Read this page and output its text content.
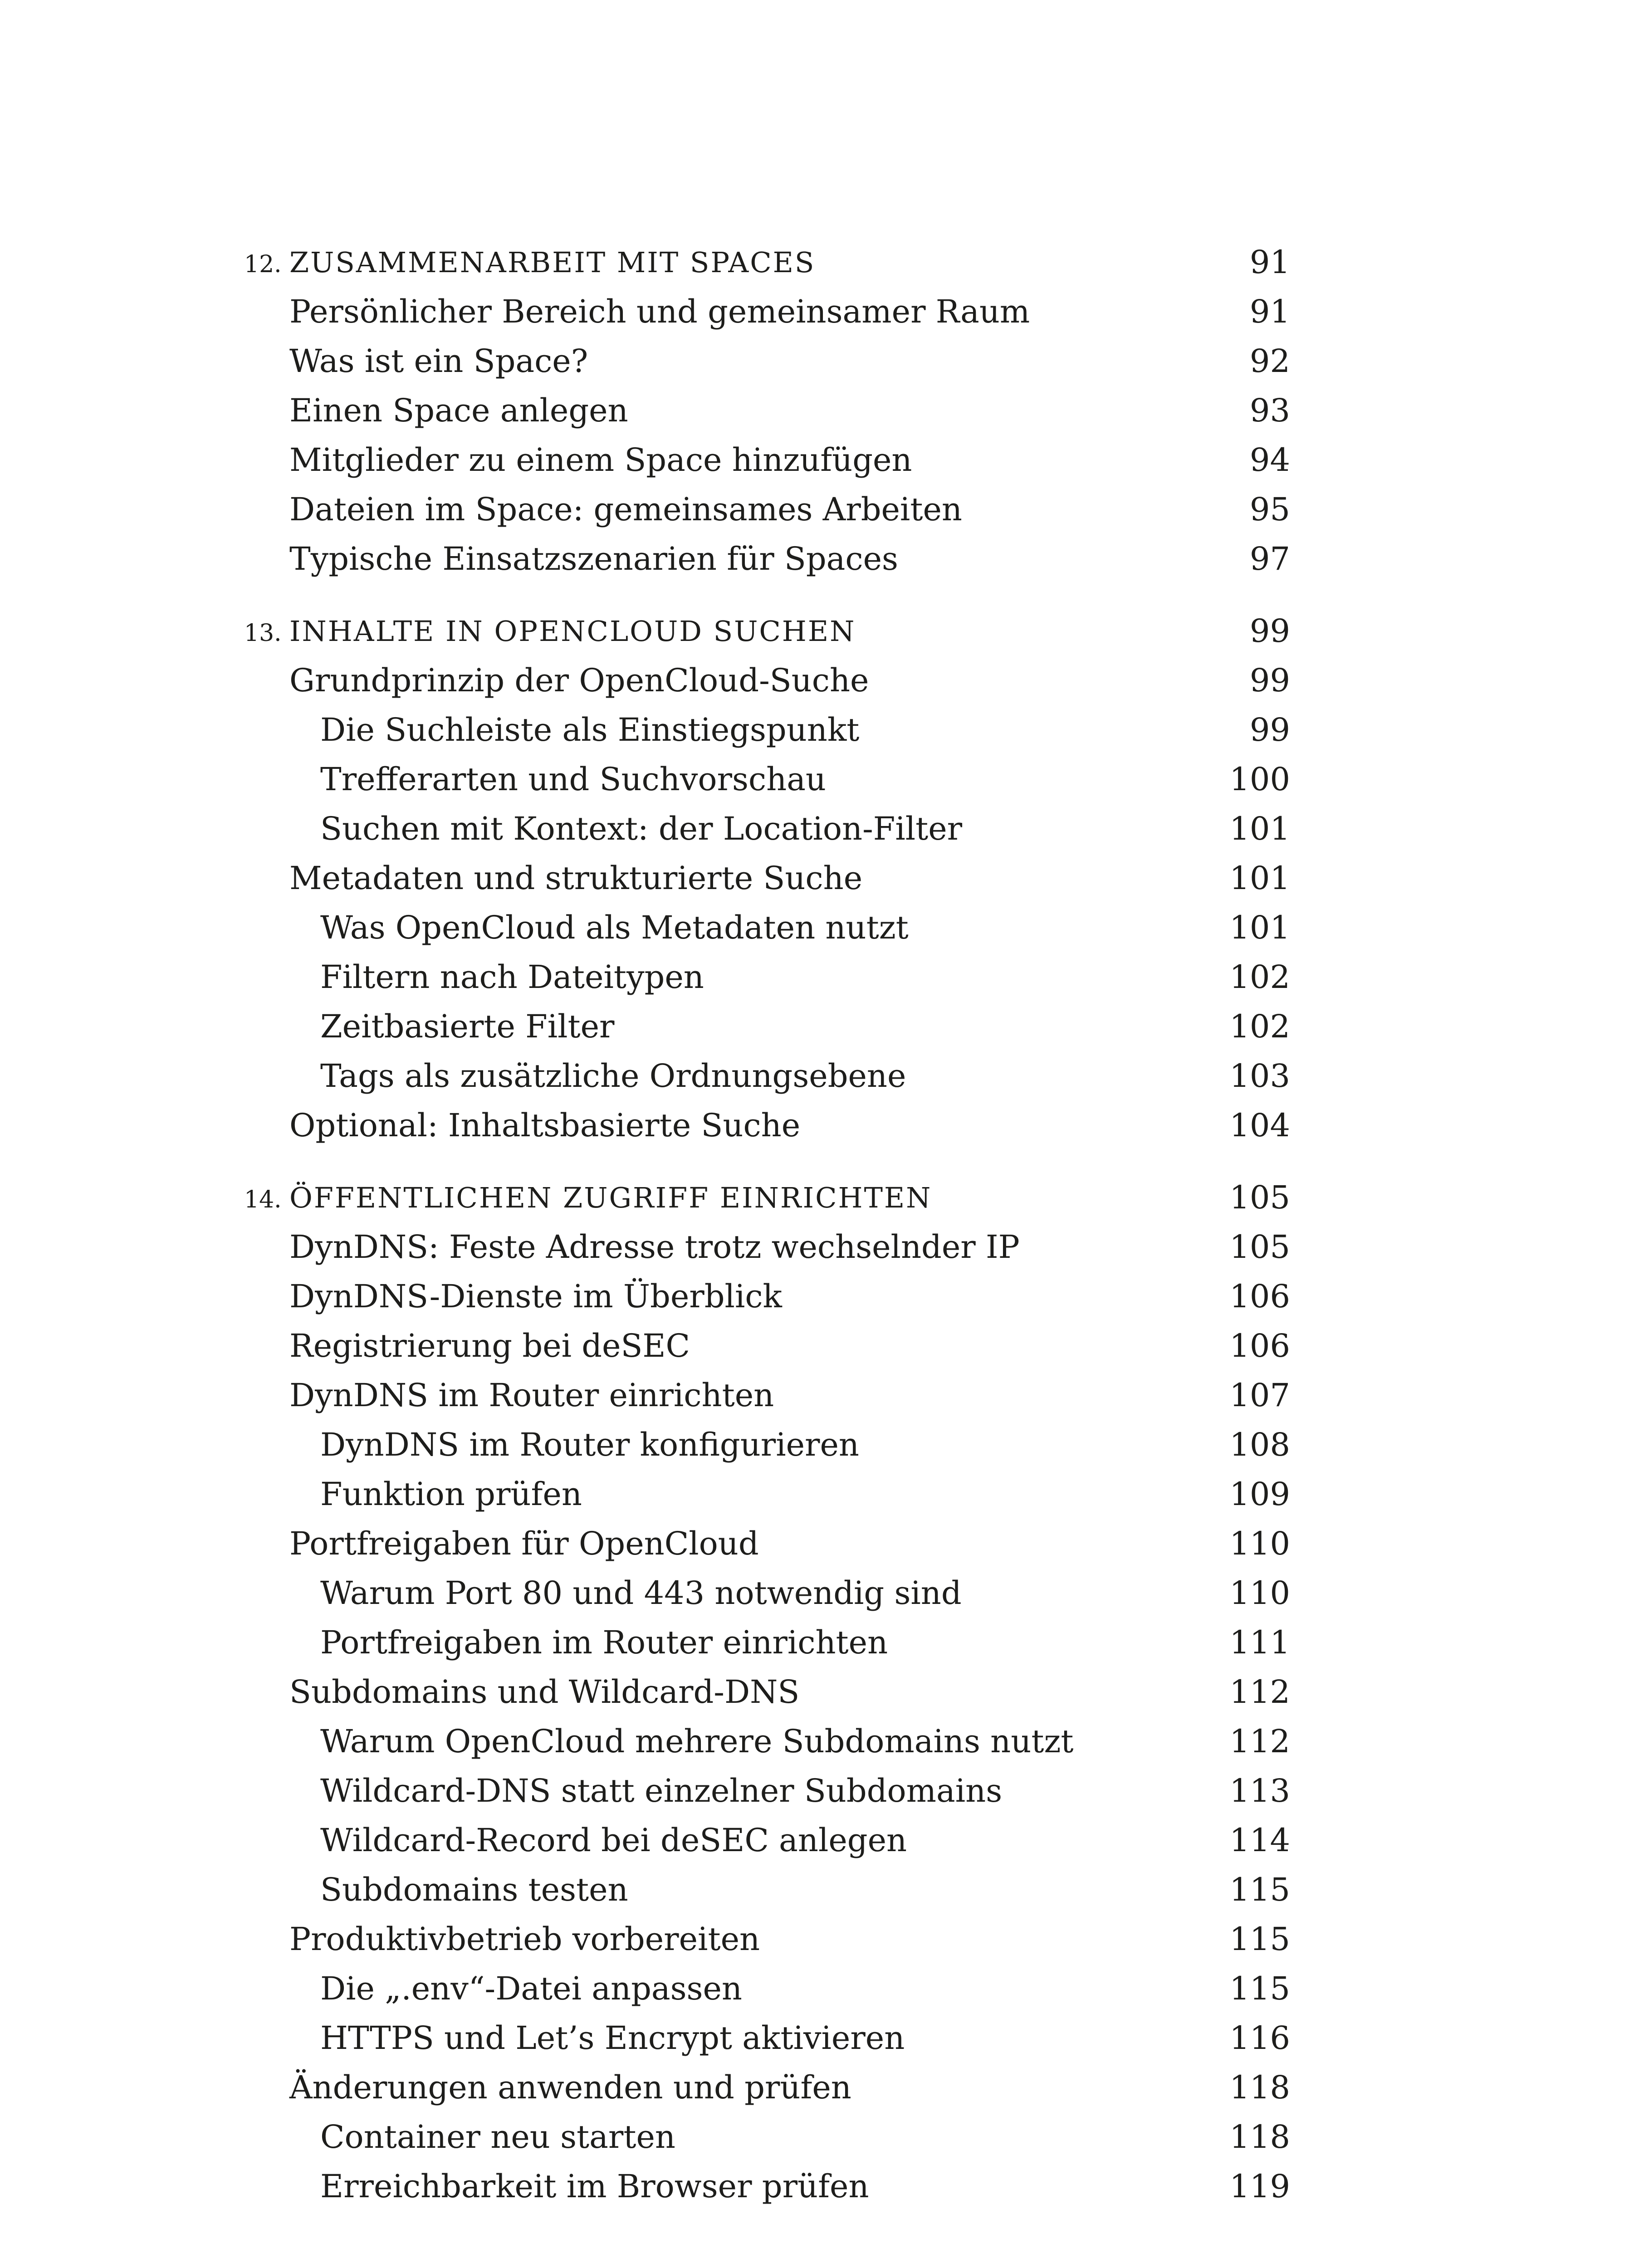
12. ZUSAMMENARBEIT MIT SPACES	91
Persönlicher Bereich und gemeinsamer Raum	91
Was ist ein Space?	92
Einen Space anlegen	93
Mitglieder zu einem Space hinzufügen	94
Dateien im Space: gemeinsames Arbeiten	95
Typische Einsatzszenarien für Spaces	97
13. INHALTE IN OPENCLOUD SUCHEN	99
Grundprinzip der OpenCloud-Suche	99
Die Suchleiste als Einstiegspunkt	99
Trefferarten und Suchvorschau	100
Suchen mit Kontext: der Location-Filter	101
Metadaten und strukturierte Suche	101
Was OpenCloud als Metadaten nutzt	101
Filtern nach Dateitypen	102
Zeitbasierte Filter	102
Tags als zusätzliche Ordnungsebene	103
Optional: Inhaltsbasierte Suche	104
14. ÖFFENTLICHEN ZUGRIFF EINRICHTEN	105
DynDNS: Feste Adresse trotz wechselnder IP	105
DynDNS-Dienste im Überblick	106
Registrierung bei deSEC	106
DynDNS im Router einrichten	107
DynDNS im Router konfigurieren	108
Funktion prüfen	109
Portfreigaben für OpenCloud	110
Warum Port 80 und 443 notwendig sind	110
Portfreigaben im Router einrichten	111
Subdomains und Wildcard-DNS	112
Warum OpenCloud mehrere Subdomains nutzt	112
Wildcard-DNS statt einzelner Subdomains	113
Wildcard-Record bei deSEC anlegen	114
Subdomains testen	115
Produktivbetrieb vorbereiten	115
Die „.env“-Datei anpassen	115
HTTPS und Let’s Encrypt aktivieren	116
Änderungen anwenden und prüfen	118
Container neu starten	118
Erreichbarkeit im Browser prüfen	119
